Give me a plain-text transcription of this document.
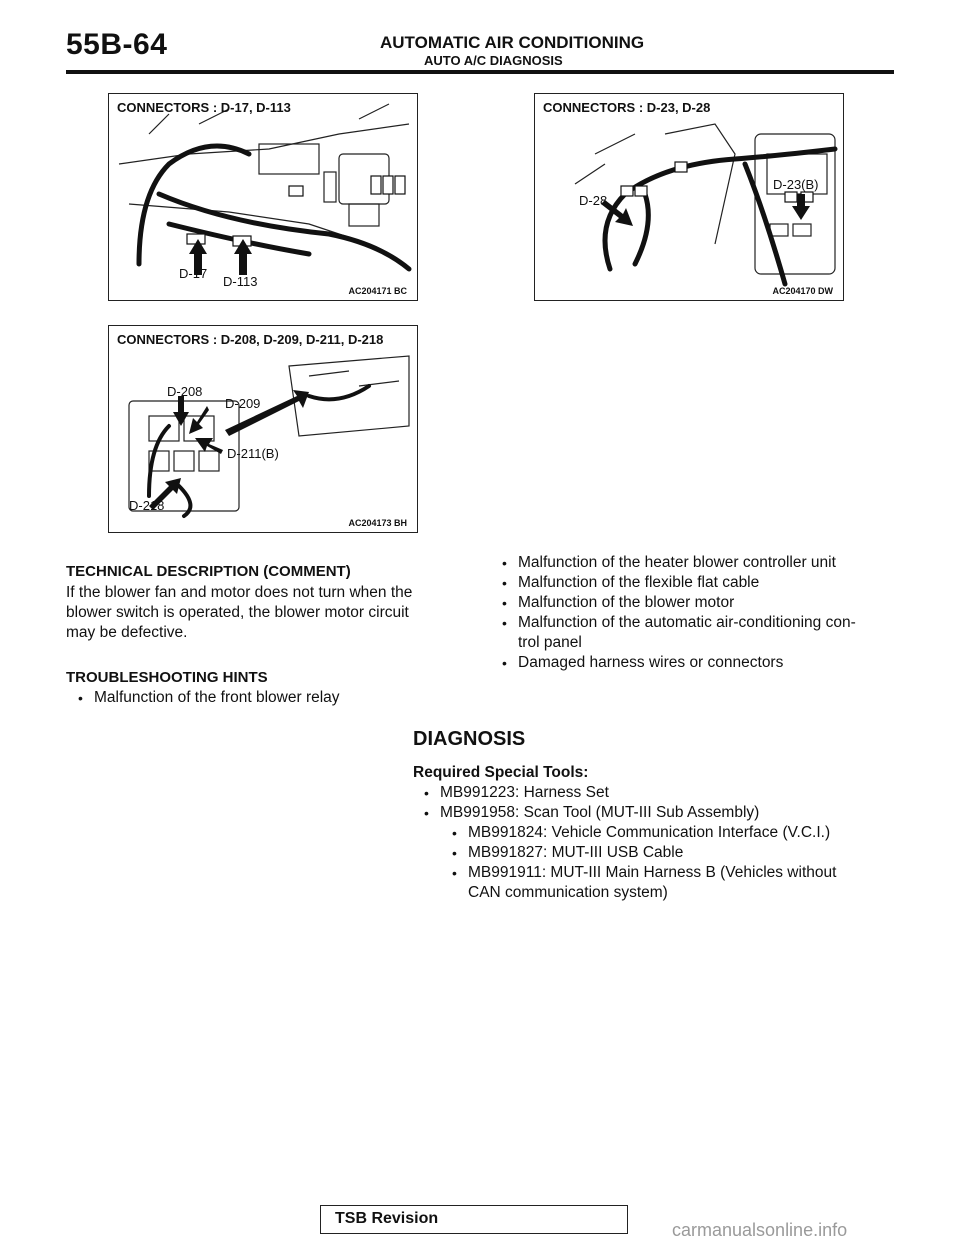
55B-64	AUTOMATIC AIR CONDITIONING
AUTO A/C DIAGNOSIS
CONNECTORS : D-17, D-113
D-17
D-113
AC204171 BC
CONNECTORS : D-23, D-28
D-28
D-23(B)
AC204170 DW
CONNECTORS : D-208, D-209, D-211, D-218
D-208
D-209
D-211(B)
D-218
AC204173 BH
TECHNICAL DESCRIPTION (COMMENT)
If the blower fan and motor does not turn when the
blower switch is operated, the blower motor circuit
may be defective.
TROUBLESHOOTING HINTS
• Malfunction of the front blower relay
• Malfunction of the heater blower controller unit
• Malfunction of the flexible flat cable
• Malfunction of the blower motor
• Malfunction of the automatic air-conditioning con-
trol panel
• Damaged harness wires or connectors
DIAGNOSIS
Required Special Tools:
• MB991223: Harness Set
• MB991958: Scan Tool (MUT-III Sub Assembly)
• MB991824: Vehicle Communication Interface (V.C.I.)
• MB991827: MUT-III USB Cable
• MB991911: MUT-III Main Harness B (Vehicles without
CAN communication system)
TSB Revision
carmanualsonline.info
